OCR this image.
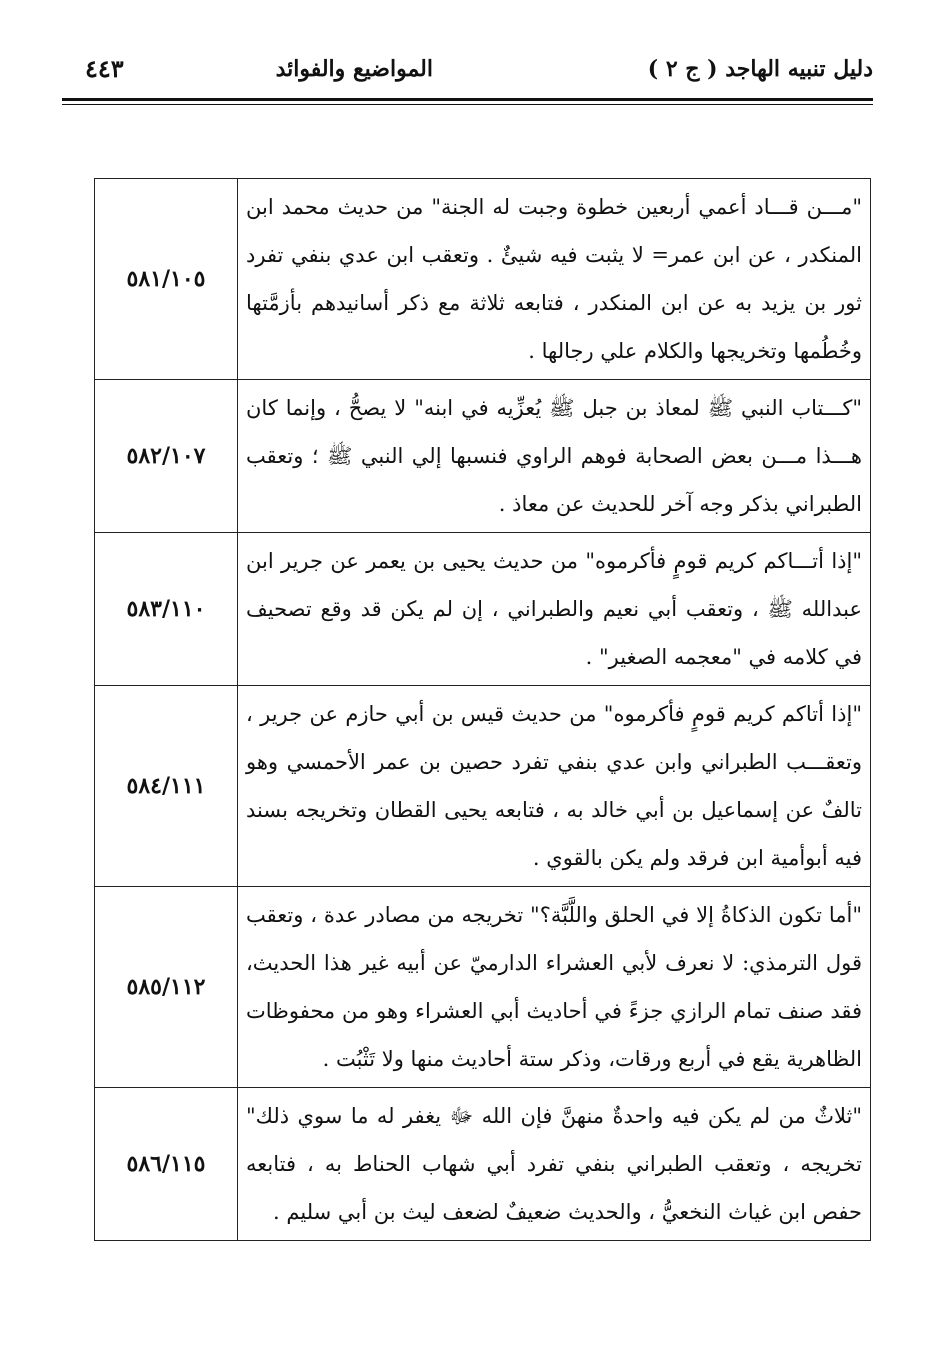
دليل تنبيه الهاجد ( ج ٢ )
المواضيع والفوائد
٤٤٣
"مـــن قـــاد أعمي أربعين خطوة وجبت له الجنة" من حديث محمد ابن المنكدر ، عن ابن عمر= لا يثبت فيه شيئٌ . وتعقب ابن عدي بنفي تفرد ثور بن يزيد به عن ابن المنكدر ، فتابعه ثلاثة مع ذكر أسانيدهم بأزمَّتها وخُطُمها وتخريجها والكلام علي رجالها .	٥٨١/١٠٥
"كـــتاب النبي ﷺ لمعاذ بن جبل ﷺ يُعزِّيه في ابنه" لا يصحُّ ، وإنما كان هـــذا مـــن بعض الصحابة فوهم الراوي فنسبها إلي النبي ﷺ ؛ وتعقب الطبراني بذكر وجه آخر للحديث عن معاذ .	٥٨٢/١٠٧
"إذا أتـــاكم كريم قومٍ فأكرموه" من حديث يحيى بن يعمر عن جرير ابن عبدالله ﷺ ، وتعقب أبي نعيم والطبراني ، إن لم يكن قد وقع تصحيف في كلامه في "معجمه الصغير" .	٥٨٣/١١٠
"إذا أتاكم كريم قومٍ فأكرموه" من حديث قيس بن أبي حازم عن جرير ، وتعقـــب الطبراني وابن عدي بنفي تفرد حصين بن عمر الأحمسي وهو تالفٌ عن إسماعيل بن أبي خالد به ، فتابعه يحيى القطان وتخريجه بسند فيه أبوأمية ابن فرقد ولم يكن بالقوي .	٥٨٤/١١١
"أما تكون الذكاةُ إلا في الحلق واللَّبَّة؟" تخريجه من مصادر عدة ، وتعقب قول الترمذي: لا نعرف لأبي العشراء الدارميّ عن أبيه غير هذا الحديث، فقد صنف تمام الرازي جزءً في أحاديث أبي العشراء وهو من محفوظات الظاهرية يقع في أربع ورقات، وذكر ستة أحاديث منها ولا تَثْبُت .	٥٨٥/١١٢
"ثلاثٌ من لم يكن فيه واحدةٌ منهنَّ فإن الله ﷻ يغفر له ما سوي ذلك" تخريجه ، وتعقب الطبراني بنفي تفرد أبي شهاب الحناط به ، فتابعه حفص ابن غياث النخعيُّ ، والحديث ضعيفٌ لضعف ليث بن أبي سليم .	٥٨٦/١١٥
